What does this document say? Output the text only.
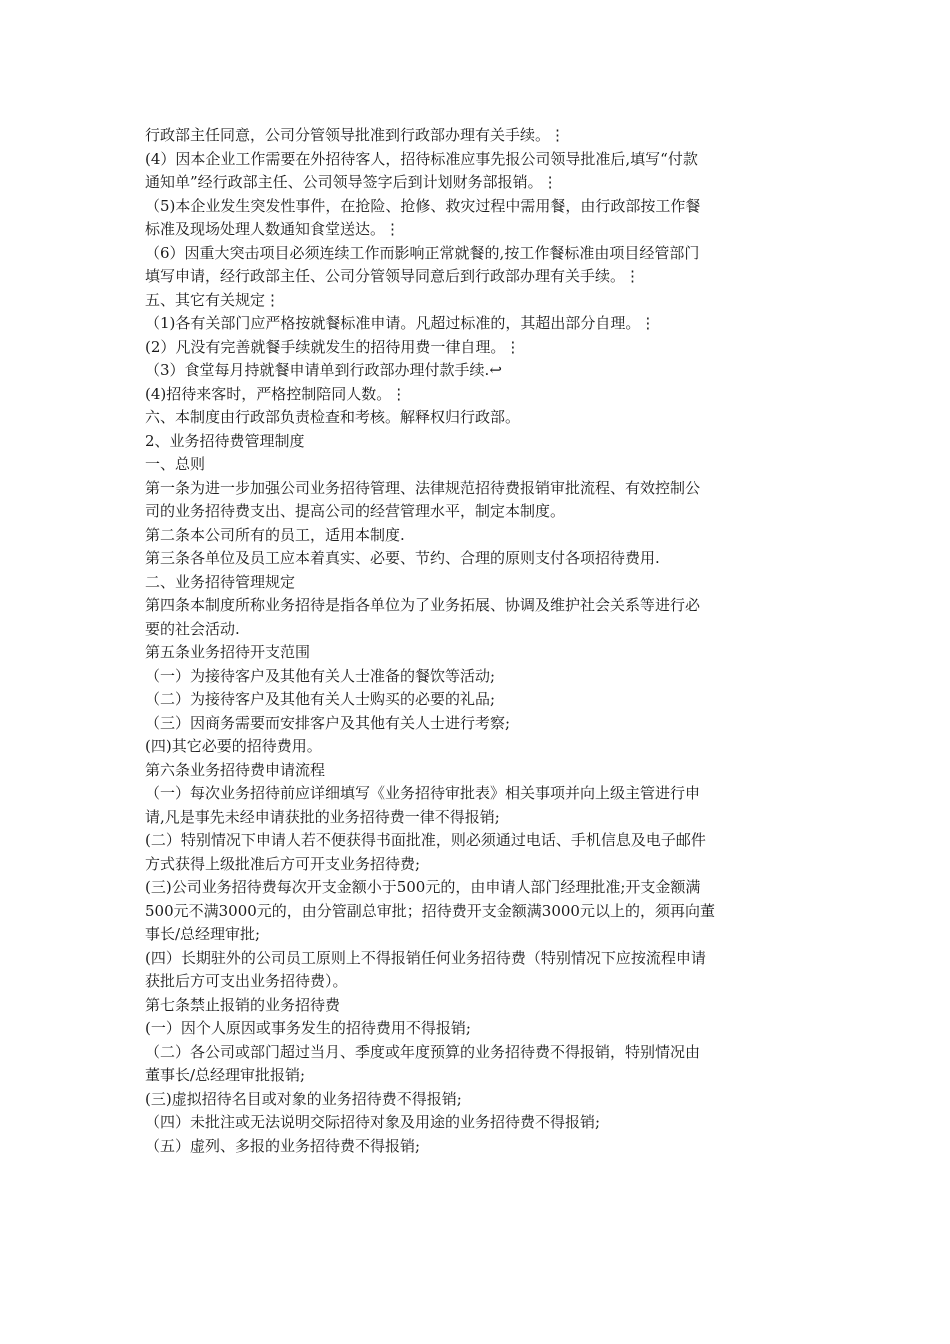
行政部主任同意，公司分管领导批准到行政部办理有关手续。⋮
(4）因本企业工作需要在外招待客人，招待标准应事先报公司领导批准后,填写“付款
通知单”经行政部主任、公司领导签字后到计划财务部报销。⋮
（5)本企业发生突发性事件，在抢险、抢修、救灾过程中需用餐，由行政部按工作餐
标准及现场处理人数通知食堂送达。⋮
（6）因重大突击项目必须连续工作而影响正常就餐的,按工作餐标准由项目经管部门
填写申请，经行政部主任、公司分管领导同意后到行政部办理有关手续。⋮
五、其它有关规定⋮
（1)各有关部门应严格按就餐标准申请。凡超过标准的，其超出部分自理。⋮
(2）凡没有完善就餐手续就发生的招待用费一律自理。⋮
（3）食堂每月持就餐申请单到行政部办理付款手续.↩
(4)招待来客时，严格控制陪同人数。⋮
六、本制度由行政部负责检查和考核。解释权归行政部。
2、业务招待费管理制度
一、总则
第一条为进一步加强公司业务招待管理、法律规范招待费报销审批流程、有效控制公
司的业务招待费支出、提高公司的经营管理水平，制定本制度。
第二条本公司所有的员工，适用本制度.
第三条各单位及员工应本着真实、必要、节约、合理的原则支付各项招待费用.
二、业务招待管理规定
第四条本制度所称业务招待是指各单位为了业务拓展、协调及维护社会关系等进行必
要的社会活动.
第五条业务招待开支范围
（一）为接待客户及其他有关人士准备的餐饮等活动;
（二）为接待客户及其他有关人士购买的必要的礼品;
（三）因商务需要而安排客户及其他有关人士进行考察;
(四)其它必要的招待费用。
第六条业务招待费申请流程
（一）每次业务招待前应详细填写《业务招待审批表》相关事项并向上级主管进行申
请,凡是事先未经申请获批的业务招待费一律不得报销;
(二）特别情况下申请人若不便获得书面批准，则必须通过电话、手机信息及电子邮件
方式获得上级批准后方可开支业务招待费;
(三)公司业务招待费每次开支金额小于500元的，由申请人部门经理批准;开支金额满
500元不满3000元的，由分管副总审批；招待费开支金额满3000元以上的，须再向董
事长/总经理审批;
(四）长期驻外的公司员工原则上不得报销任何业务招待费（特别情况下应按流程申请
获批后方可支出业务招待费）。
第七条禁止报销的业务招待费
(一）因个人原因或事务发生的招待费用不得报销;
（二）各公司或部门超过当月、季度或年度预算的业务招待费不得报销，特别情况由
董事长/总经理审批报销;
(三)虚拟招待名目或对象的业务招待费不得报销;
（四）未批注或无法说明交际招待对象及用途的业务招待费不得报销;
（五）虚列、多报的业务招待费不得报销;
